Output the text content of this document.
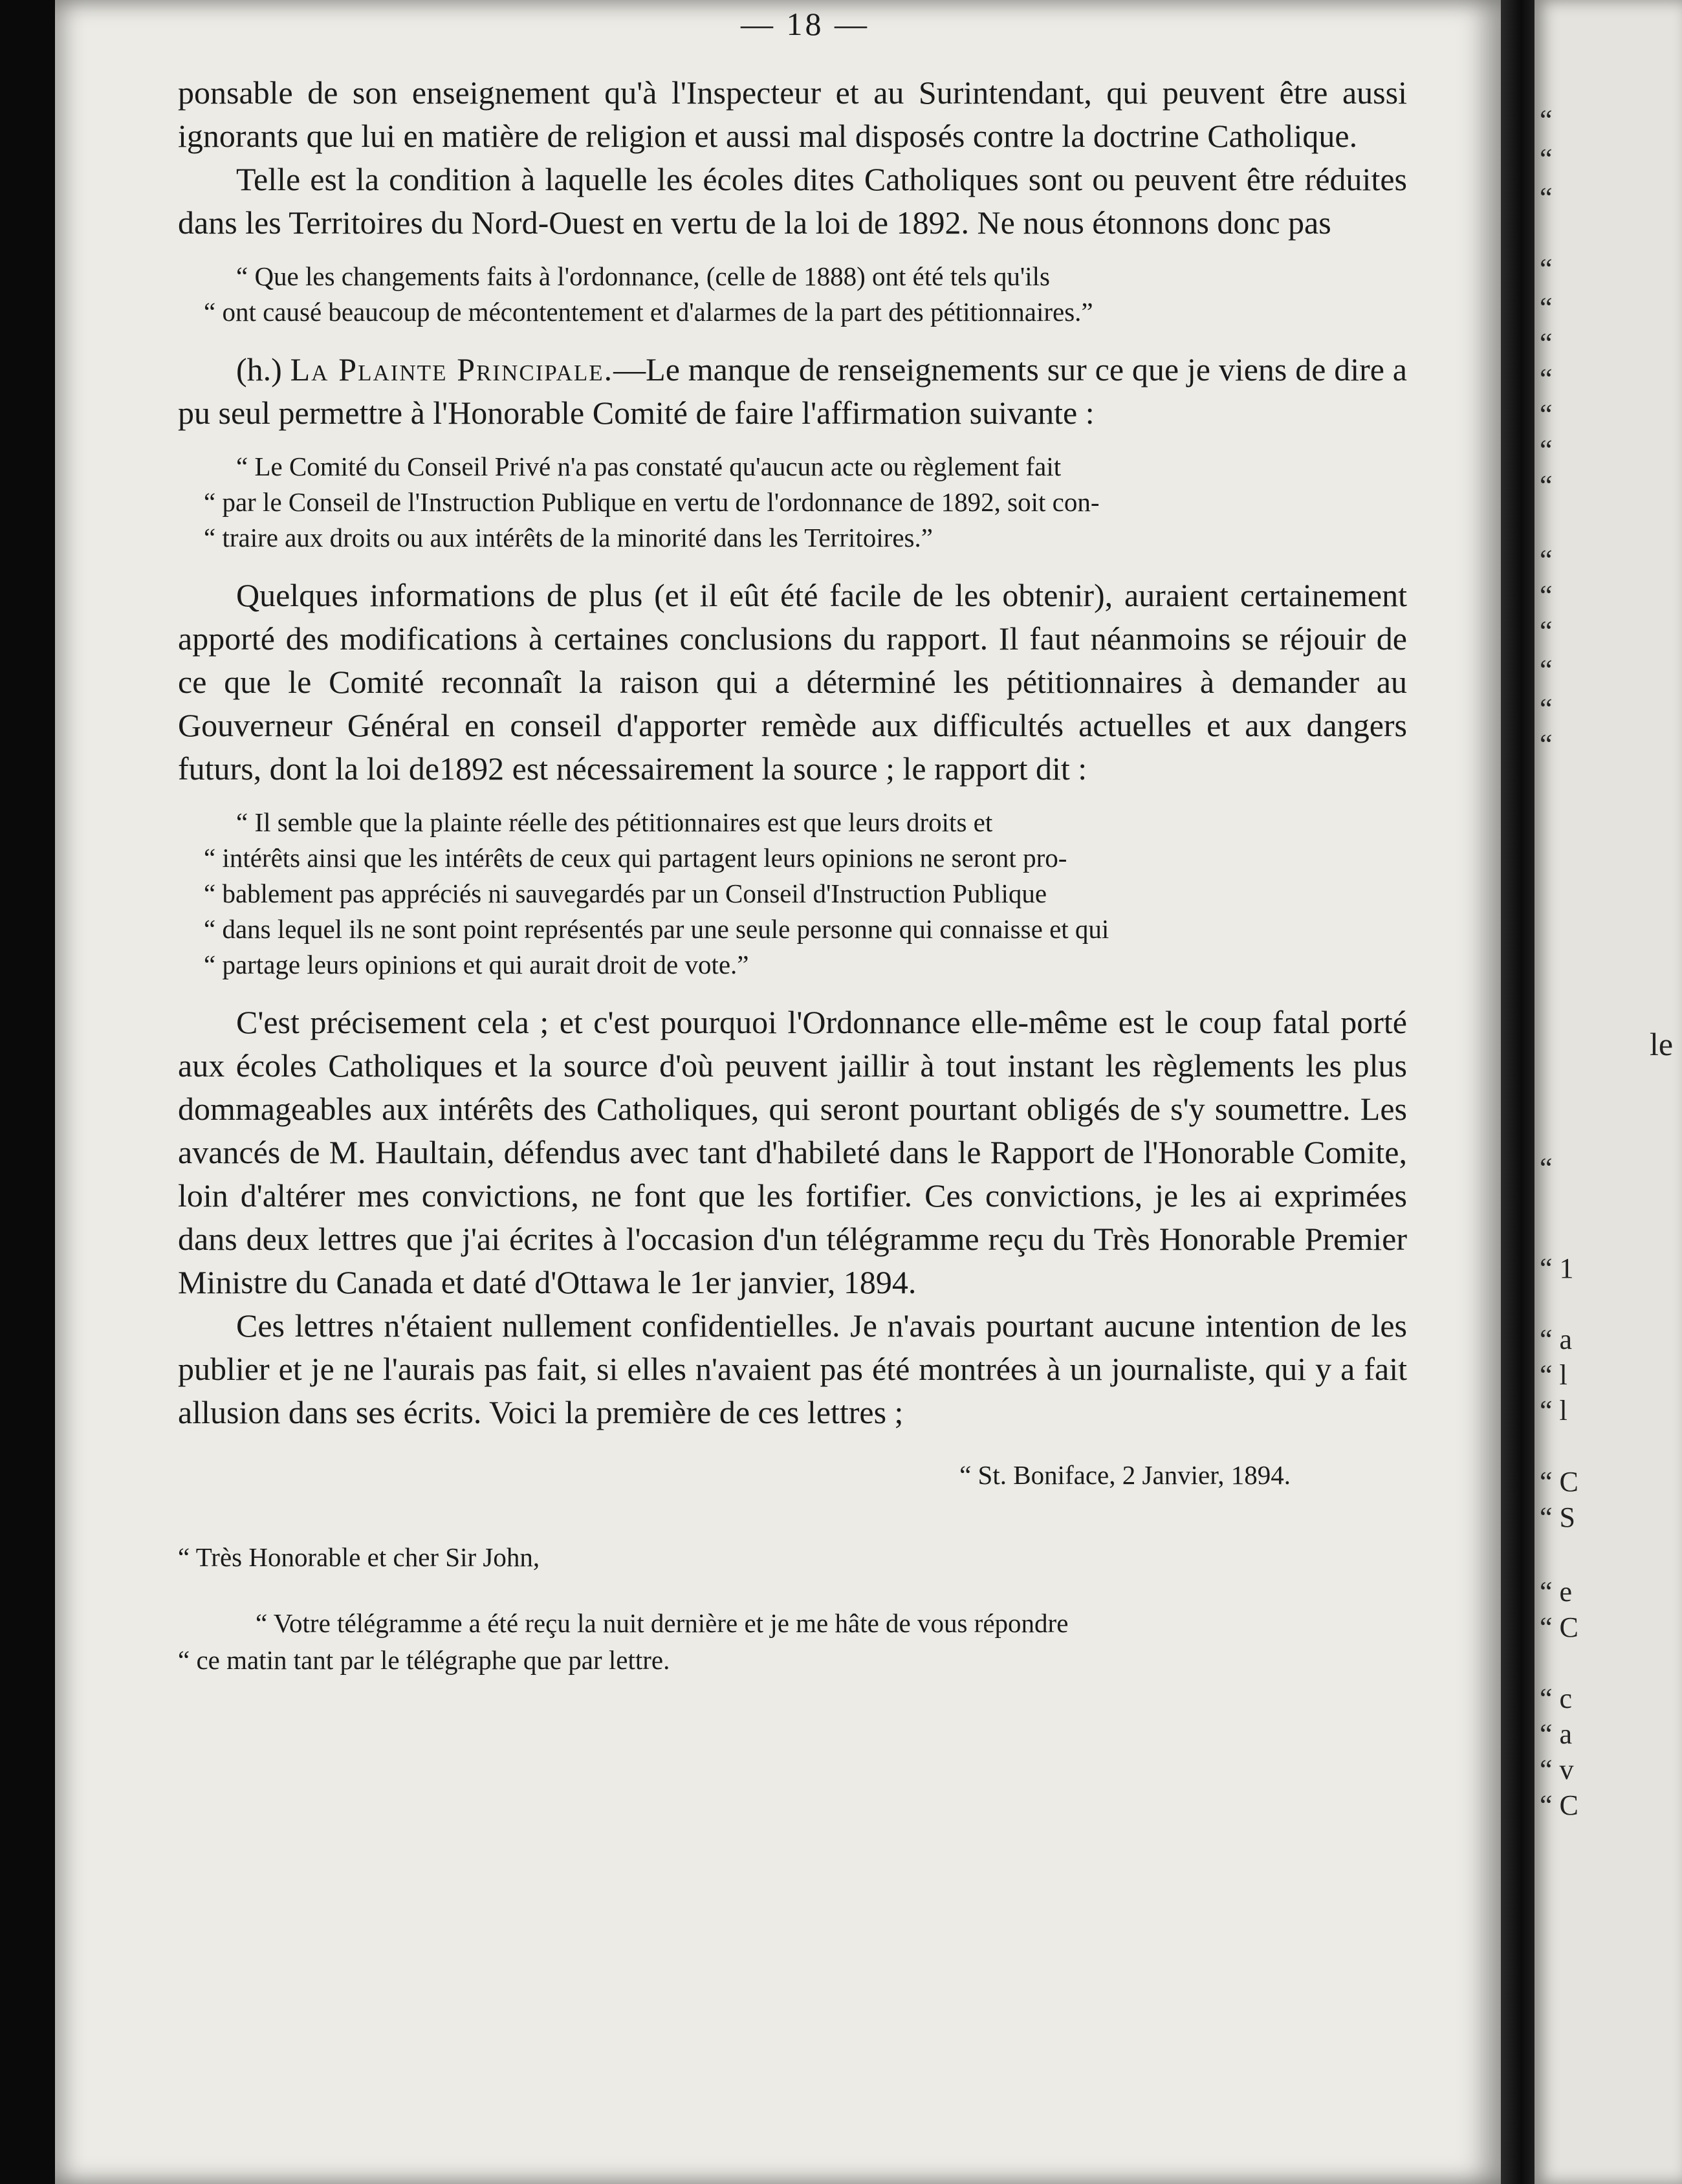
— 18 —

ponsable de son enseignement qu'à l'Inspecteur et au Surintendant, qui peuvent être aussi ignorants que lui en matière de religion et aussi mal disposés contre la doctrine Catholique.

Telle est la condition à laquelle les écoles dites Catholiques sont ou peuvent être réduites dans les Territoires du Nord-Ouest en vertu de la loi de 1892. Ne nous étonnons donc pas

“ Que les changements faits à l'ordonnance, (celle de 1888) ont été tels qu'ils

“ ont causé beaucoup de mécontentement et d'alarmes de la part des pétitionnaires.”

(h.) La Plainte Principale.—Le manque de renseignements sur ce que je viens de dire a pu seul permettre à l'Honorable Comité de faire l'affirmation suivante :

“ Le Comité du Conseil Privé n'a pas constaté qu'aucun acte ou règlement fait

“ par le Conseil de l'Instruction Publique en vertu de l'ordonnance de 1892, soit con-

“ traire aux droits ou aux intérêts de la minorité dans les Territoires.”

Quelques informations de plus (et il eût été facile de les obtenir), auraient certainement apporté des modifications à certaines conclusions du rapport. Il faut néanmoins se réjouir de ce que le Comité reconnaît la raison qui a déterminé les pétitionnaires à demander au Gouverneur Général en conseil d'apporter remède aux difficultés actuelles et aux dangers futurs, dont la loi de1892 est nécessairement la source ; le rapport dit :

“ Il semble que la plainte réelle des pétitionnaires est que leurs droits et

“ intérêts ainsi que les intérêts de ceux qui partagent leurs opinions ne seront pro-

“ bablement pas appréciés ni sauvegardés par un Conseil d'Instruction Publique

“ dans lequel ils ne sont point représentés par une seule personne qui connaisse et qui

“ partage leurs opinions et qui aurait droit de vote.”

C'est précisement cela ; et c'est pourquoi l'Ordonnance elle-même est le coup fatal porté aux écoles Catholiques et la source d'où peuvent jaillir à tout instant les règlements les plus dommageables aux intérêts des Catholiques, qui seront pourtant obligés de s'y soumettre. Les avancés de M. Haultain, défendus avec tant d'habileté dans le Rapport de l'Honorable Comite, loin d'altérer mes convictions, ne font que les fortifier. Ces convictions, je les ai exprimées dans deux lettres que j'ai écrites à l'occasion d'un télégramme reçu du Très Honorable Premier Ministre du Canada et daté d'Ottawa le 1er janvier, 1894.

Ces lettres n'étaient nullement confidentielles. Je n'avais pourtant aucune intention de les publier et je ne l'aurais pas fait, si elles n'avaient pas été montrées à un journaliste, qui y a fait allusion dans ses écrits. Voici la première de ces lettres ;

“ St. Boniface, 2 Janvier, 1894.
“ Très Honorable et cher Sir John,

“ Votre télégramme a été reçu la nuit dernière et je me hâte de vous répondre

“ ce matin tant par le télégraphe que par lettre.

“
“
“
“
“
“
“
“
“
“
“
“
“
“
“
“
le
“
“ 1
“ a
“ l
“ l
“ C
“ S
“ e
“ C
“ c
“ a
“ v
“ C
